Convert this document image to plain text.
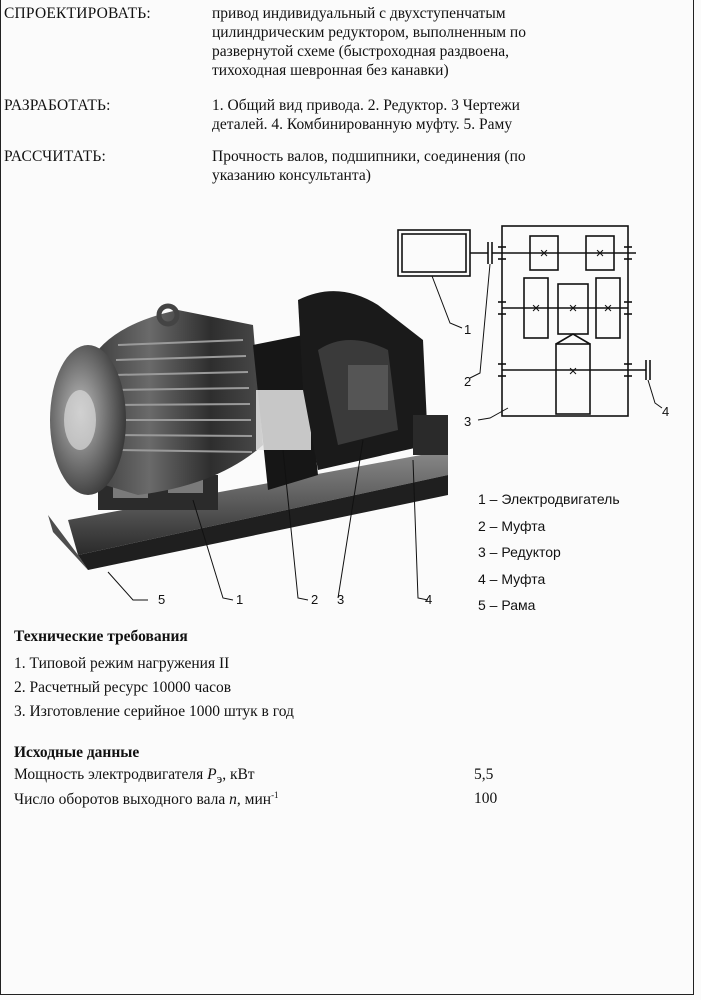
СПРОЕКТИРОВАТЬ:	привод индивидуальный с двухступенчатым
цилиндрическим редуктором, выполненным по
развернутой схеме (быстроходная раздвоена,
тихоходная шевронная без канавки)
РАЗРАБОТАТЬ:	1. Общий вид привода. 2. Редуктор. 3 Чертежи
деталей. 4. Комбинированную муфту. 5. Раму
РАССЧИТАТЬ:	Прочность валов, подшипники, соединения (по
указанию консультанта)
5	1	2 3	4
×	×
× × ×
×
1
2
3
4
1 – Электродвигатель
2 – Муфта
3 – Редуктор
4 – Муфта
5 – Рама
Технические требования
1. Типовой режим нагружения II
2. Расчетный ресурс 10000 часов
3. Изготовление серийное 1000 штук в год
Исходные данные
Мощность электродвигателя $P_э$, кВт	5,5
Число оборотов выходного вала n, мин$^{-1}$	100
